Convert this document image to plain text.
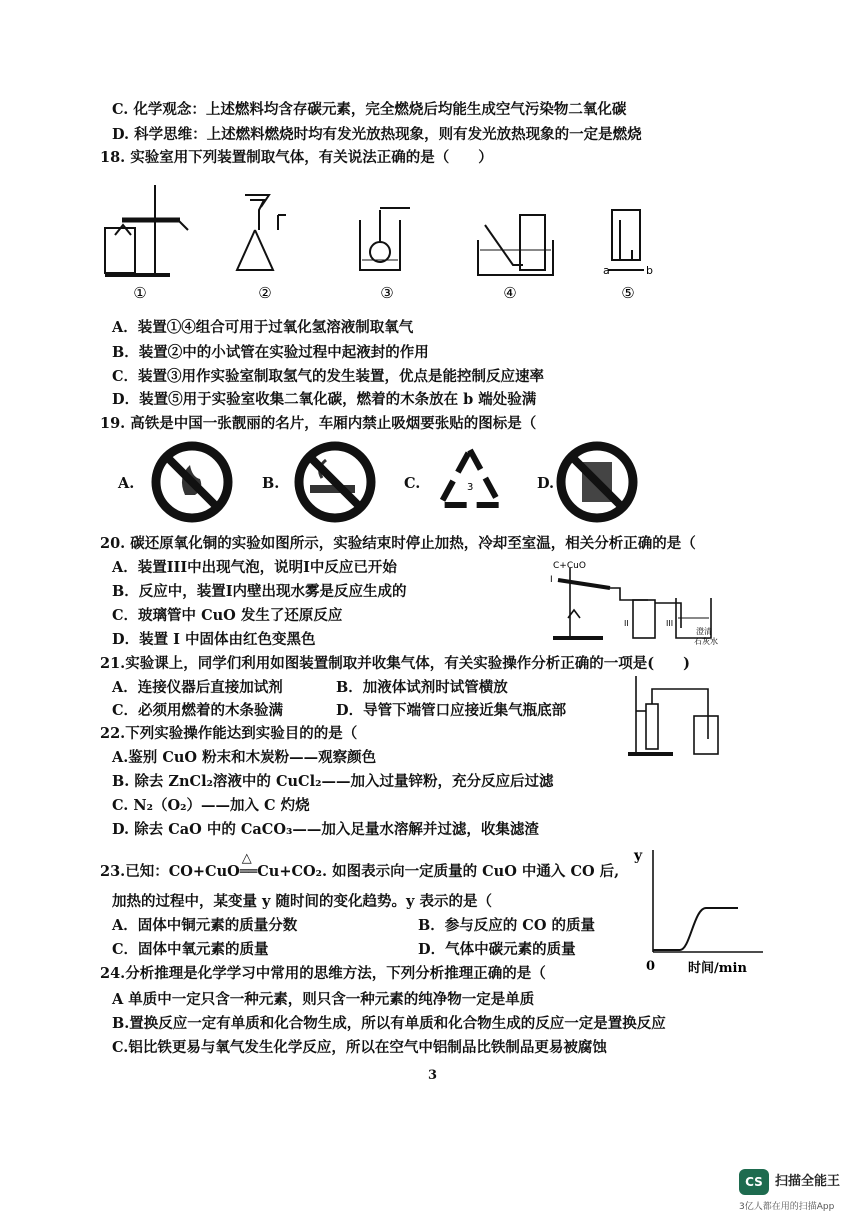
C. 化学观念：上述燃料均含存碳元素，完全燃烧后均能生成空气污染物二氧化碳
D. 科学思维：上述燃料燃烧时均有发光放热现象，则有发光放热现象的一定是燃烧
18. 实验室用下列装置制取气体，有关说法正确的是（　　）
a	b
①	②	③	④	⑤
A．装置①④组合可用于过氧化氢溶液制取氧气
B．装置②中的小试管在实验过程中起液封的作用
C．装置③用作实验室制取氢气的发生装置，优点是能控制反应速率
D．装置⑤用于实验室收集二氧化碳，燃着的木条放在 b 端处验满
19. 高铁是中国一张靓丽的名片，车厢内禁止吸烟要张贴的图标是（
A.	B.	C.	D.
3
20. 碳还原氧化铜的实验如图所示，实验结束时停止加热，冷却至室温，相关分析正确的是（
A．装置III中出现气泡，说明I中反应已开始
B．反应中，装置I内壁出现水雾是反应生成的
C．玻璃管中 CuO 发生了还原反应
D．装置 I 中固体由红色变黑色
C+CuO
I
II	III
澄清
石灰水
21.实验课上，同学们利用如图装置制取并收集气体，有关实验操作分析正确的一项是(　　)
A．连接仪器后直接加试剂	B．加液体试剂时试管横放
C．必须用燃着的木条验满	D．导管下端管口应接近集气瓶底部
22.下列实验操作能达到实验目的的是（
A.鉴别 CuO 粉末和木炭粉——观察颜色
B. 除去 ZnCl₂溶液中的 CuCl₂——加入过量锌粉，充分反应后过滤
C. N₂（O₂）——加入 C 灼烧
D. 除去 CaO 中的 CaCO₃——加入足量水溶解并过滤，收集滤渣
23.已知：CO+CuO
△
══Cu+CO₂. 如图表示向一定质量的 CuO 中通入 CO 后,
加热的过程中，某变量 y 随时间的变化趋势。y 表示的是（
A．固体中铜元素的质量分数	B．参与反应的 CO 的质量
C．固体中氧元素的质量	D．气体中碳元素的质量
y
0	时间/min
24.分析推理是化学学习中常用的思维方法，下列分析推理正确的是（
A 单质中一定只含一种元素，则只含一种元素的纯净物一定是单质
B.置换反应一定有单质和化合物生成，所以有单质和化合物生成的反应一定是置换反应
C.铝比铁更易与氧气发生化学反应，所以在空气中铝制品比铁制品更易被腐蚀
3
CS 扫描全能王
3亿人都在用的扫描App
